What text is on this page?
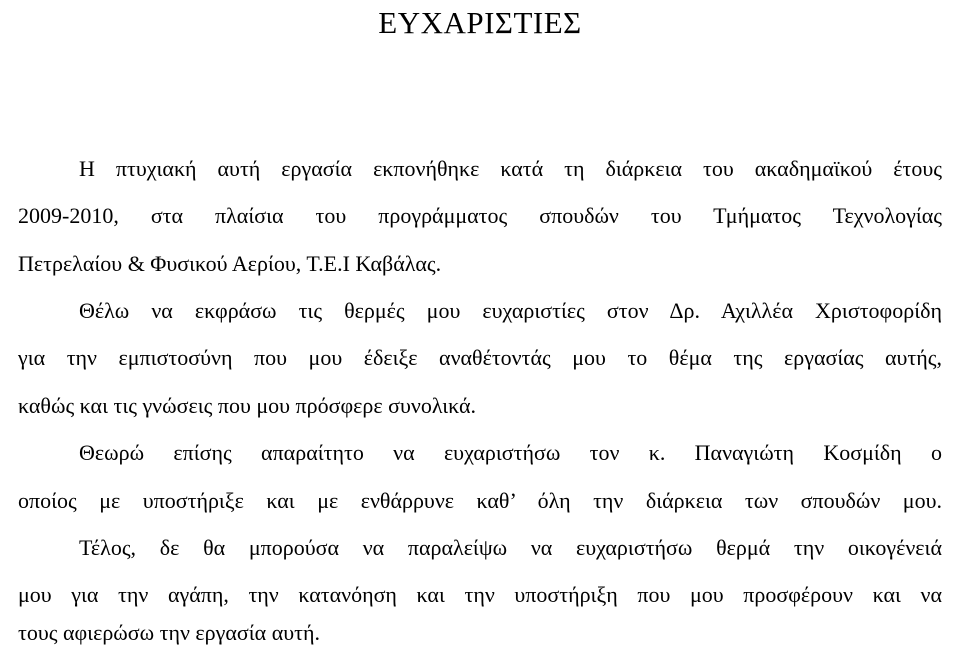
ΕΥΧΑΡΙΣΤΙΕΣ
Η πτυχιακή αυτή εργασία εκπονήθηκε κατά τη διάρκεια του ακαδημαϊκού έτους
2009-2010, στα πλαίσια του προγράμματος σπουδών του Τμήματος Τεχνολογίας
Πετρελαίου & Φυσικού Αερίου, Τ.Ε.Ι Καβάλας.
Θέλω να εκφράσω τις θερμές μου ευχαριστίες στον Δρ. Αχιλλέα Χριστοφορίδη
για την εμπιστοσύνη που μου έδειξε αναθέτοντάς μου το θέμα της εργασίας αυτής,
καθώς και τις γνώσεις που μου πρόσφερε συνολικά.
Θεωρώ επίσης απαραίτητο να ευχαριστήσω τον κ. Παναγιώτη Κοσμίδη ο
οποίος με υποστήριξε και με ενθάρρυνε καθ’ όλη την διάρκεια των σπουδών μου.
Τέλος, δε θα μπορούσα να παραλείψω να ευχαριστήσω θερμά την οικογένειά
μου για την αγάπη, την κατανόηση και την υποστήριξη που μου προσφέρουν και να
τους αφιερώσω την εργασία αυτή.
